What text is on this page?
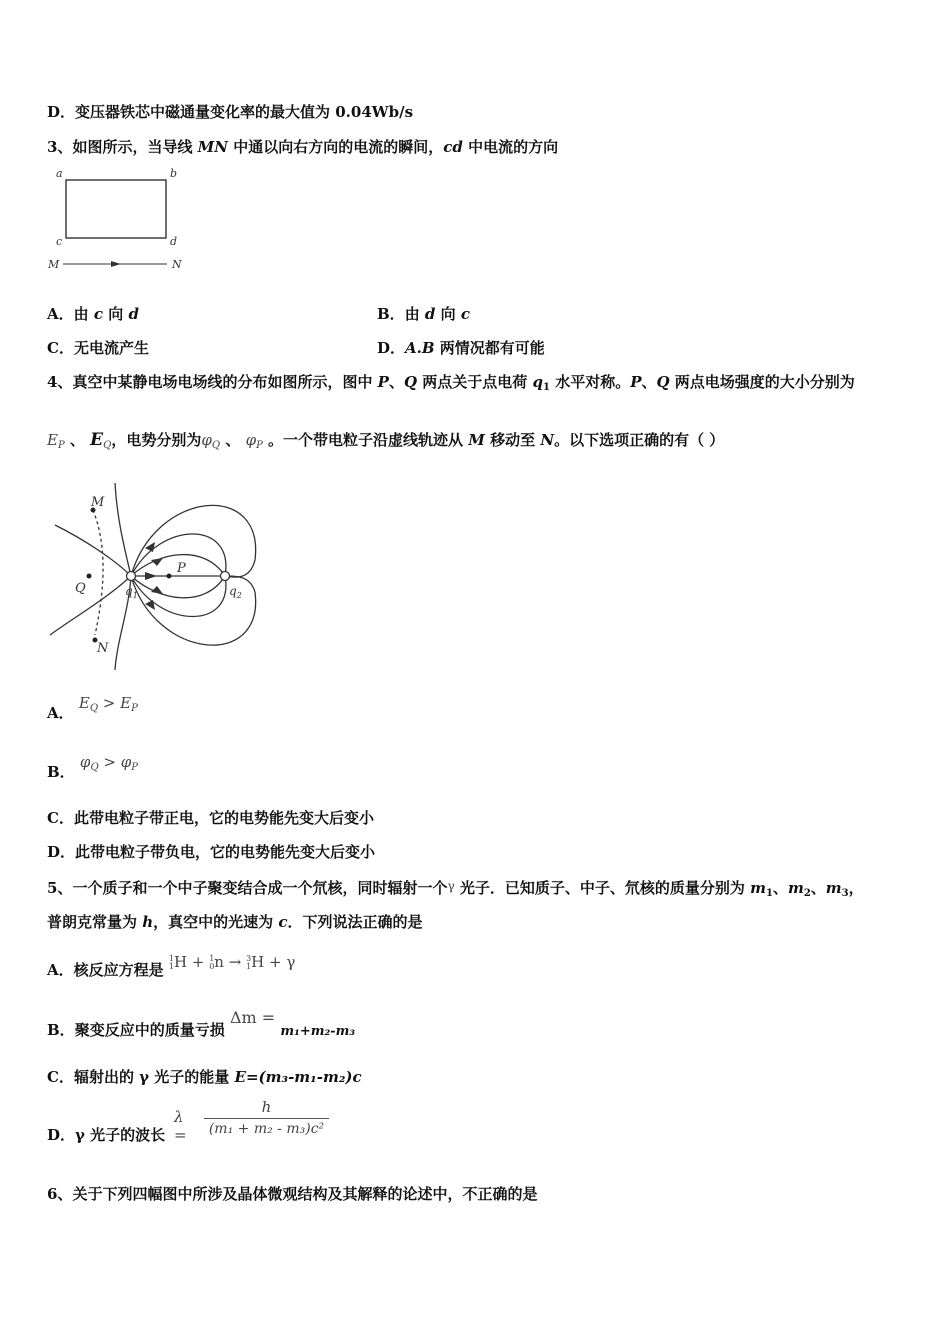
D．变压器铁芯中磁通量变化率的最大值为 0.04Wb/s
3、如图所示，当导线 MN 中通以向右方向的电流的瞬间，cd 中电流的方向
a	b
c	d
M	N
A．由 c 向 d	B．由 d 向 c
C．无电流产生	D．A.B 两情况都有可能
4、真空中某静电场电场线的分布如图所示，图中 P、Q 两点关于点电荷 $q_1$ 水平对称。P、Q 两点电场强度的大小分别为
$E_P$ 、 $E_Q$，电势分别为$\varphi_Q$ 、 $\varphi_P$ 。一个带电粒子沿虚线轨迹从 M 移动至 N。以下选项正确的有（ ）
M
Q
P
N
$q_1$	$q_2$
A． $E_Q > E_P$
B． $\varphi_Q > \varphi_P$
C．此带电粒子带正电，它的电势能先变大后变小
D．此带电粒子带负电，它的电势能先变大后变小
5、一个质子和一个中子聚变结合成一个氘核，同时辐射一个$^\gamma$ 光子．已知质子、中子、氘核的质量分别为 $m_1$、$m_2$、$m_3$，
普朗克常量为 h，真空中的光速为 c．下列说法正确的是
A．核反应方程是 1
1H + 1
0n → 3
1H + γ
B．聚变反应中的质量亏损 Δm = m₁+m₂-m₃
C．辐射出的 γ 光子的能量 E=(m₃-m₁-m₂)c
D．γ 光子的波长
λ =
h
(m₁ + m₂ - m₃)c²
6、关于下列四幅图中所涉及晶体微观结构及其解释的论述中，不正确的是
